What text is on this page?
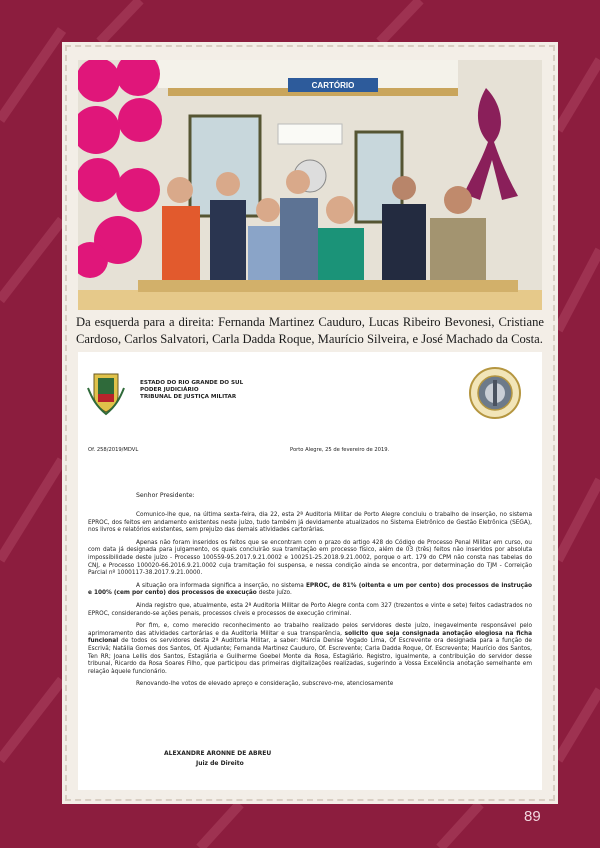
CARTÓRIO
Da esquerda para a direita: Fernanda Martinez Cauduro, Lucas Ribeiro Bevonesi, Cristiane Cardoso, Carlos Salvatori, Carla Dadda Roque, Maurício Silveira, e José Machado da Costa.
ESTADO DO RIO GRANDE DO SUL
PODER JUDICIÁRIO
TRIBUNAL DE JUSTIÇA MILITAR
Of. 258/2019/MDVL	Porto Alegre, 25 de fevereiro de 2019.
Senhor Presidente:

Comunico-lhe que, na última sexta-feira, dia 22, esta 2ª Auditoria Militar de Porto Alegre concluiu o trabalho de inserção, no sistema EPROC, dos feitos em andamento existentes neste juízo, tudo também já devidamente atualizados no Sistema Eletrônico de Gestão Eletrônica (SEGA), nos livros e relatórios existentes, sem prejuízo das demais atividades cartorárias.

Apenas não foram inseridos os feitos que se encontram com o prazo do artigo 428 do Código de Processo Penal Militar em curso, ou com data já designada para julgamento, os quais concluirão sua tramitação em processo físico, além de 03 (três) feitos não inseridos por absoluta impossibilidade deste juízo - Processo 100559-95.2017.9.21.0002 e 100251-25.2018.9.21.0002, porque o art. 179 do CPM não consta nas tabelas do CNJ, e Processo 100020-66.2016.9.21.0002 cuja tramitação foi suspensa, e nessa condição ainda se encontra, por determinação do TJM - Correição Parcial nº 1000117-38.2017.9.21.0000.

A situação ora informada significa a inserção, no sistema EPROC, de 81% (oitenta e um por cento) dos processos de instrução e 100% (cem por cento) dos processos de execução deste juízo.

Ainda registro que, atualmente, esta 2ª Auditoria Militar de Porto Alegre conta com 327 (trezentos e vinte e sete) feitos cadastrados no EPROC, considerando-se ações penais, processos cíveis e processos de execução criminal.

Por fim, e, como merecido reconhecimento ao trabalho realizado pelos servidores deste juízo, inegavelmente responsável pelo aprimoramento das atividades cartorárias e da Auditoria Militar e sua transparência, solicito que seja consignada anotação elogiosa na ficha funcional de todos os servidores desta 2ª Auditoria Militar, a saber: Márcia Denise Vogado Lima, Of Escrevente ora designada para a função de Escrivã; Natália Gomes dos Santos, Of. Ajudante; Fernanda Martinez Cauduro, Of. Escrevente; Carla Dadda Roque, Of. Escrevente; Maurício dos Santos, Ten RR; Joana Lellis dos Santos, Estagiária e Guilherme Goebel Monte da Rosa, Estagiário. Registro, igualmente, a contribuição do servidor desse tribunal, Ricardo da Rosa Soares Filho, que participou das primeiras digitalizações realizadas, sugerindo a Vossa Excelência anotação semelhante em relação àquele funcionário.

Renovando-lhe votos de elevado apreço e consideração, subscrevo-me, atenciosamente

ALEXANDRE ARONNE DE ABREU
Juiz de Direito
89
